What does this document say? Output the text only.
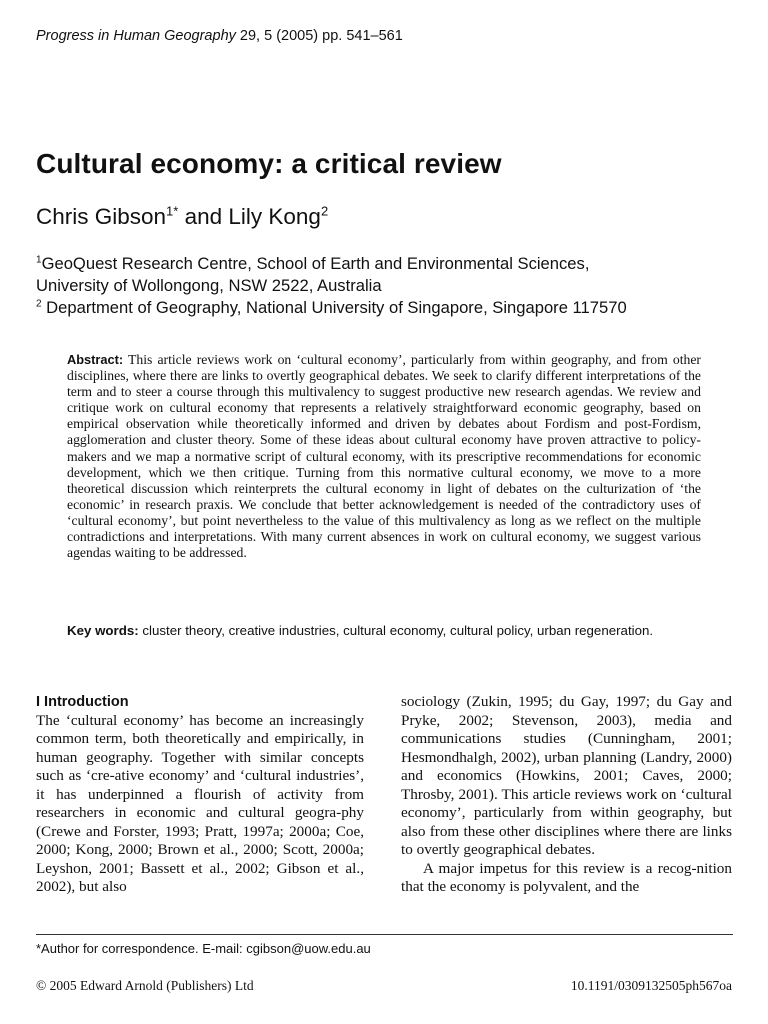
Progress in Human Geography 29, 5 (2005) pp. 541–561
Cultural economy: a critical review
Chris Gibson$^{1*}$ and Lily Kong$^2$
$^1$GeoQuest Research Centre, School of Earth and Environmental Sciences,
University of Wollongong, NSW 2522, Australia
$^2$ Department of Geography, National University of Singapore, Singapore 117570
Abstract: This article reviews work on ‘cultural economy’, particularly from within geography, and from other disciplines, where there are links to overtly geographical debates. We seek to clarify different interpretations of the term and to steer a course through this multivalency to suggest productive new research agendas. We review and critique work on cultural economy that represents a relatively straightforward economic geography, based on empirical observation while theoretically informed and driven by debates about Fordism and post-Fordism, agglomeration and cluster theory. Some of these ideas about cultural economy have proven attractive to policy-makers and we map a normative script of cultural economy, with its prescriptive recommendations for economic development, which we then critique. Turning from this normative cultural economy, we move to a more theoretical discussion which reinterprets the cultural economy in light of debates on the culturization of ‘the economic’ in research praxis. We conclude that better acknowledgement is needed of the contradictory uses of ‘cultural economy’, but point nevertheless to the value of this multivalency as long as we reflect on the multiple contradictions and interpretations. With many current absences in work on cultural economy, we suggest various agendas waiting to be addressed.
Key words: cluster theory, creative industries, cultural economy, cultural policy, urban regeneration.
I Introduction

The ‘cultural economy’ has become an increasingly common term, both theoretically and empirically, in human geography. Together with similar concepts such as ‘cre-ative economy’ and ‘cultural industries’, it has underpinned a flourish of activity from researchers in economic and cultural geogra-phy (Crewe and Forster, 1993; Pratt, 1997a; 2000a; Coe, 2000; Kong, 2000; Brown et al., 2000; Scott, 2000a; Leyshon, 2001; Bassett et al., 2002; Gibson et al., 2002), but also

sociology (Zukin, 1995; du Gay, 1997; du Gay and Pryke, 2002; Stevenson, 2003), media and communications studies (Cunningham, 2001; Hesmondhalgh, 2002), urban planning (Landry, 2000) and economics (Howkins, 2001; Caves, 2000; Throsby, 2001). This article reviews work on ‘cultural economy’, particularly from within geography, but also from these other disciplines where there are links to overtly geographical debates.

A major impetus for this review is a recog-nition that the economy is polyvalent, and the

*Author for correspondence. E-mail: cgibson@uow.edu.au
© 2005 Edward Arnold (Publishers) Ltd	10.1191/0309132505ph567oa
